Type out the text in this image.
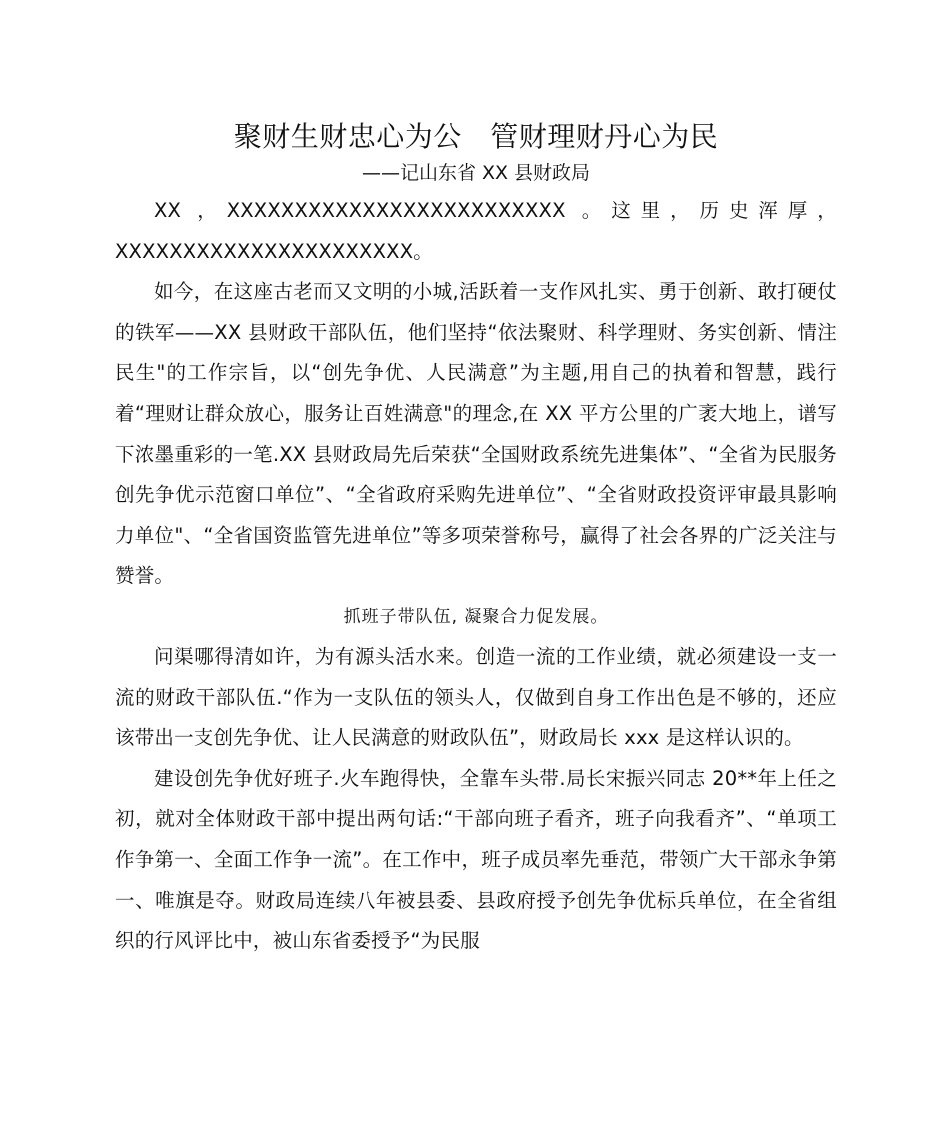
聚财生财忠心为公　管财理财丹心为民
——记山东省 XX 县财政局

XX ，XXXXXXXXXXXXXXXXXXXXXXXXX 。这里，历史浑厚，XXXXXXXXXXXXXXXXXXXXXX。

如今，在这座古老而又文明的小城,活跃着一支作风扎实、勇于创新、敢打硬仗的铁军——XX 县财政干部队伍，他们坚持“依法聚财、科学理财、务实创新、情注民生"的工作宗旨，以“创先争优、人民满意”为主题,用自己的执着和智慧，践行着“理财让群众放心，服务让百姓满意"的理念,在 XX 平方公里的广袤大地上，谱写下浓墨重彩的一笔.XX 县财政局先后荣获“全国财政系统先进集体”、“全省为民服务创先争优示范窗口单位”、“全省政府采购先进单位”、“全省财政投资评审最具影响力单位"、“全省国资监管先进单位”等多项荣誉称号，赢得了社会各界的广泛关注与赞誉。

抓班子带队伍, 凝聚合力促发展。

问渠哪得清如许，为有源头活水来。创造一流的工作业绩，就必须建设一支一流的财政干部队伍.“作为一支队伍的领头人，仅做到自身工作出色是不够的，还应该带出一支创先争优、让人民满意的财政队伍”，财政局长 xxx 是这样认识的。

建设创先争优好班子.火车跑得快，全靠车头带.局长宋振兴同志 20**年上任之初，就对全体财政干部中提出两句话:“干部向班子看齐，班子向我看齐”、“单项工作争第一、全面工作争一流”。在工作中，班子成员率先垂范，带领广大干部永争第一、唯旗是夺。财政局连续八年被县委、县政府授予创先争优标兵单位，在全省组织的行风评比中，被山东省委授予“为民服
